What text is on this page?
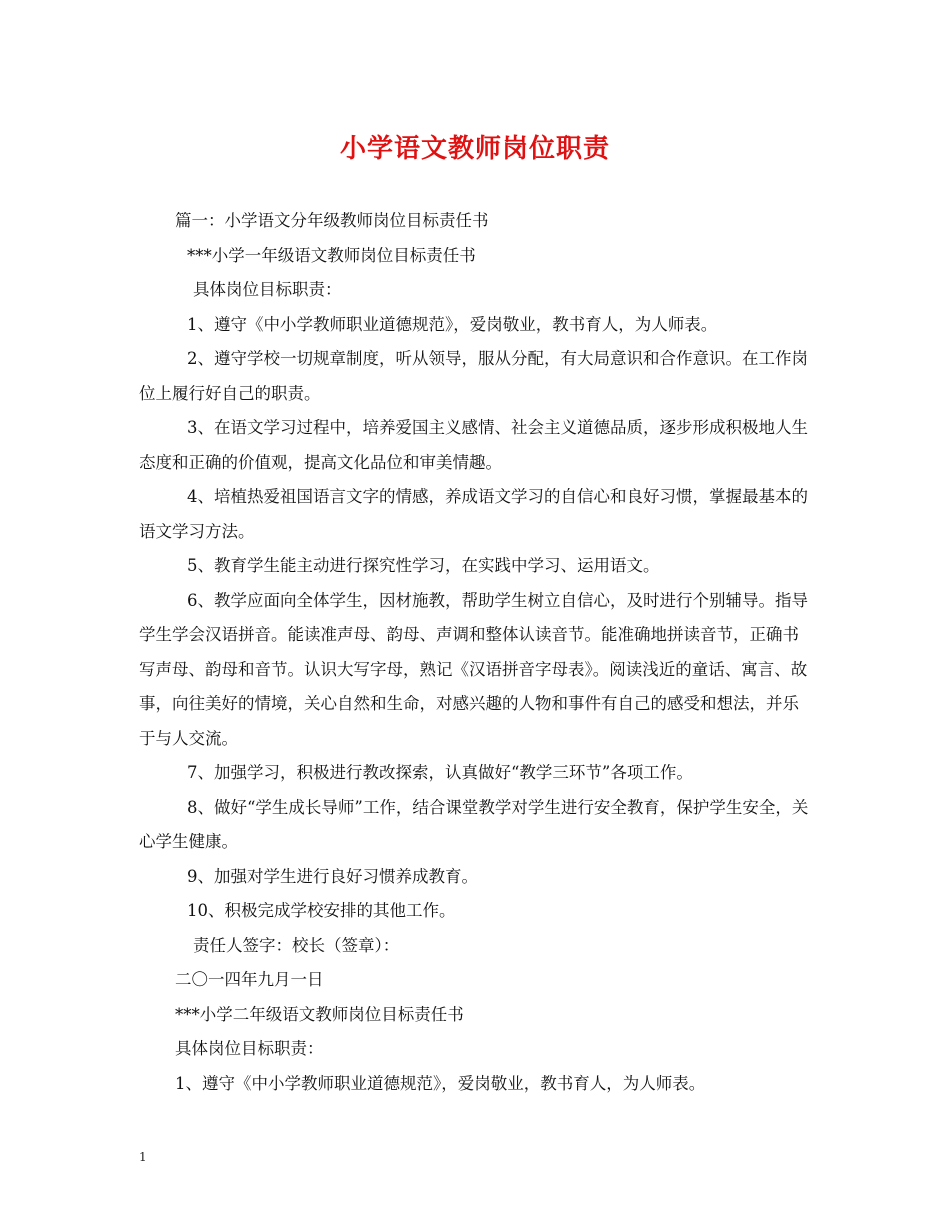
小学语文教师岗位职责

篇一：小学语文分年级教师岗位目标责任书

***小学一年级语文教师岗位目标责任书

具体岗位目标职责：

1、遵守《中小学教师职业道德规范》，爱岗敬业，教书育人，为人师表。

2、遵守学校一切规章制度，听从领导，服从分配，有大局意识和合作意识。在工作岗位上履行好自己的职责。

3、在语文学习过程中，培养爱国主义感情、社会主义道德品质，逐步形成积极地人生态度和正确的价值观，提高文化品位和审美情趣。

4、培植热爱祖国语言文字的情感，养成语文学习的自信心和良好习惯，掌握最基本的语文学习方法。

5、教育学生能主动进行探究性学习，在实践中学习、运用语文。

6、教学应面向全体学生，因材施教，帮助学生树立自信心，及时进行个别辅导。指导学生学会汉语拼音。能读准声母、韵母、声调和整体认读音节。能准确地拼读音节，正确书写声母、韵母和音节。认识大写字母，熟记《汉语拼音字母表》。阅读浅近的童话、寓言、故事，向往美好的情境，关心自然和生命，对感兴趣的人物和事件有自己的感受和想法，并乐于与人交流。

7、加强学习，积极进行教改探索，认真做好“教学三环节”各项工作。

8、做好“学生成长导师”工作，结合课堂教学对学生进行安全教育，保护学生安全，关心学生健康。

9、加强对学生进行良好习惯养成教育。

10、积极完成学校安排的其他工作。

责任人签字：校长（签章）：

二〇一四年九月一日

***小学二年级语文教师岗位目标责任书

具体岗位目标职责：

1、遵守《中小学教师职业道德规范》，爱岗敬业，教书育人，为人师表。

1
